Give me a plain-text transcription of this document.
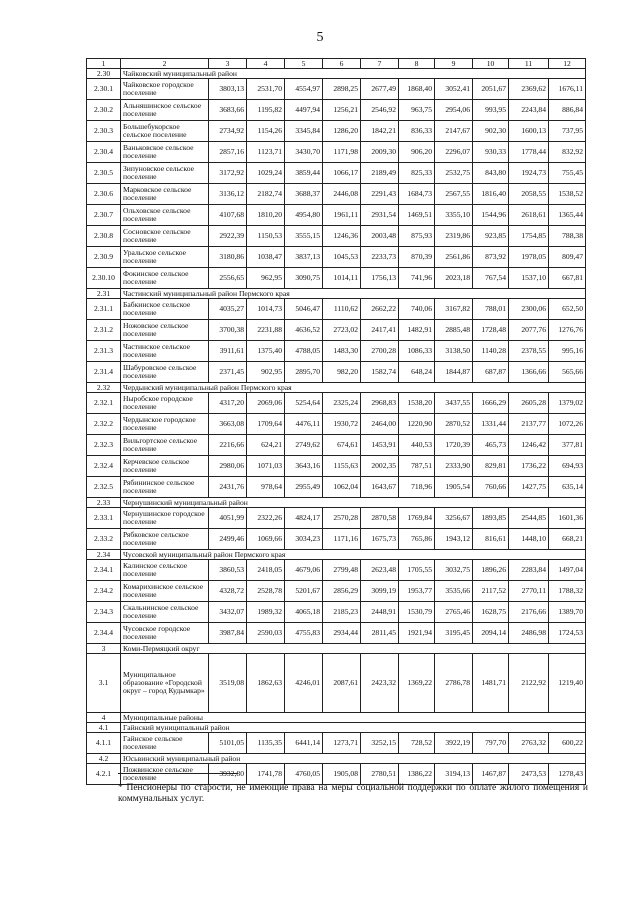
5
1	2	3	4	5	6	7	8	9	10	11	12
2.30	Чайковский муниципальный район										
2.30.1	Чайковское городское поселение	3803,13	2531,70	4554,97	2898,25	2677,49	1868,40	3052,41	2051,67	2369,62	1676,11
2.30.2	Альняшинское сельское поселение	3683,66	1195,82	4497,94	1256,21	2546,92	963,75	2954,06	993,95	2243,84	886,84
2.30.3	Большебукорское сельское поселение	2734,92	1154,26	3345,84	1286,20	1842,21	836,33	2147,67	902,30	1600,13	737,95
2.30.4	Ваньковское сельское поселение	2857,16	1123,71	3430,70	1171,98	2009,30	906,20	2296,07	930,33	1778,44	832,92
2.30.5	Зипуновское сельское поселение	3172,92	1029,24	3859,44	1066,17	2189,49	825,33	2532,75	843,80	1924,73	755,45
2.30.6	Марковское сельское поселение	3136,12	2182,74	3688,37	2446,08	2291,43	1684,73	2567,55	1816,40	2058,55	1538,52
2.30.7	Ольховское сельское поселение	4107,68	1810,20	4954,80	1961,11	2931,54	1469,51	3355,10	1544,96	2618,61	1365,44
2.30.8	Сосновское сельское поселение	2922,39	1150,53	3555,15	1246,36	2003,48	875,93	2319,86	923,85	1754,85	788,38
2.30.9	Уральское сельское поселение	3180,86	1038,47	3837,13	1045,53	2233,73	870,39	2561,86	873,92	1978,05	809,47
2.30.10	Фокинское сельское поселение	2556,65	962,95	3090,75	1014,11	1756,13	741,96	2023,18	767,54	1537,10	667,81
2.31	Частинский муниципальный район Пермского края										
2.31.1	Бабкинское сельское поселение	4035,27	1014,73	5046,47	1110,62	2662,22	740,06	3167,82	788,01	2300,06	652,50
2.31.2	Ножовское сельское поселение	3700,38	2231,88	4636,52	2723,02	2417,41	1482,91	2885,48	1728,48	2077,76	1276,76
2.31.3	Частинское сельское поселение	3911,61	1375,40	4788,05	1483,30	2700,28	1086,33	3138,50	1140,28	2378,55	995,16
2.31.4	Шабуровское сельское поселение	2371,45	902,95	2895,70	982,20	1582,74	648,24	1844,87	687,87	1366,66	565,66
2.32	Чердынский муниципальный район Пермского края										
2.32.1	Ныробское городское поселение	4317,20	2069,06	5254,64	2325,24	2968,83	1538,20	3437,55	1666,29	2605,28	1379,02
2.32.2	Чердынское городское поселение	3663,08	1709,64	4476,11	1930,72	2464,00	1220,90	2870,52	1331,44	2137,77	1072,26
2.32.3	Вильгортское сельское поселение	2216,66	624,21	2749,62	674,61	1453,91	440,53	1720,39	465,73	1246,42	377,81
2.32.4	Керчевское сельское поселение	2980,06	1071,03	3643,16	1155,63	2002,35	787,51	2333,90	829,81	1736,22	694,93
2.32.5	Рябининское сельское поселение	2431,76	978,64	2955,49	1062,04	1643,67	718,96	1905,54	760,66	1427,75	635,14
2.33	Чернушинский муниципальный район										
2.33.1	Чернушинское городское поселение	4051,99	2322,26	4824,17	2570,28	2870,58	1769,84	3256,67	1893,85	2544,85	1601,36
2.33.2	Рябковское сельское поселение	2499,46	1069,66	3034,23	1171,16	1675,73	765,86	1943,12	816,61	1448,10	668,21
2.34	Чусовской муниципальный район Пермского края										
2.34.1	Калинское сельское поселение	3860,53	2418,05	4679,06	2799,48	2623,48	1705,55	3032,75	1896,26	2283,84	1497,04
2.34.2	Комарихинское сельское поселение	4328,72	2528,78	5201,67	2856,29	3099,19	1953,77	3535,66	2117,52	2770,11	1788,32
2.34.3	Скальнинское сельское поселение	3432,07	1989,32	4065,18	2185,23	2448,91	1530,79	2765,46	1628,75	2176,66	1389,70
2.34.4	Чусовское городское поселение	3987,84	2590,03	4755,83	2934,44	2811,45	1921,94	3195,45	2094,14	2486,98	1724,53
3	Коми-Пермяцкий округ										
3.1	Муниципальное образование «Городской округ – город Кудымкар»	3519,08	1862,63	4246,01	2087,61	2423,32	1369,22	2786,78	1481,71	2122,92	1219,40
4	Муниципальные районы										
4.1	Гайнский муниципальный район										
4.1.1	Гайнское сельское поселение	5101,05	1135,35	6441,14	1273,71	3252,15	728,52	3922,19	797,70	2763,32	600,22
4.2	Юсьвинский муниципальный район										
4.2.1	Пожвинское сельское поселение	3932,80	1741,78	4760,05	1905,08	2780,51	1386,22	3194,13	1467,87	2473,53	1278,43
* Пенсионеры по старости, не имеющие права на меры социальной поддержки по оплате жилого помещения и коммунальных услуг.
